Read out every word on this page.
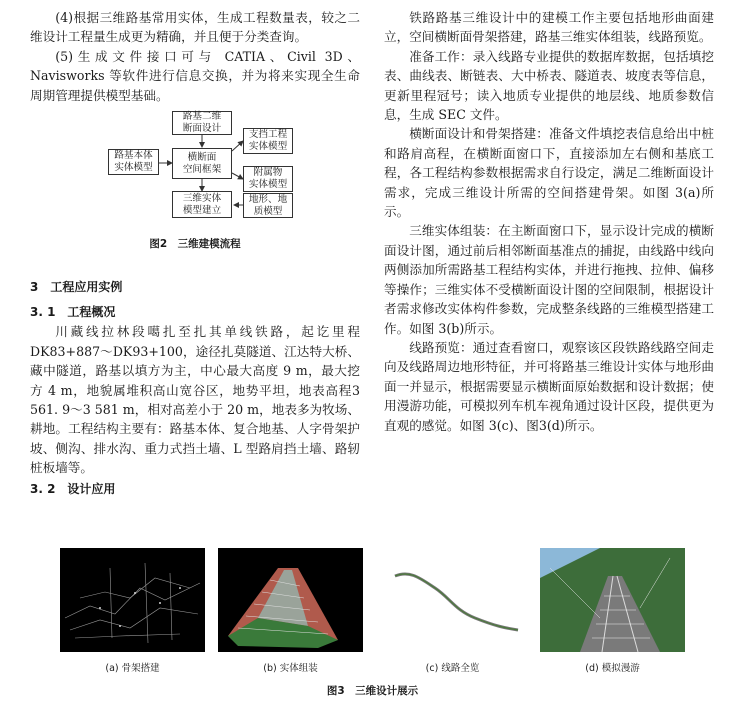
(4)根据三维路基常用实体，生成工程数量表，较之二维设计工程量生成更为精确，并且便于分类查询。

(5)生成文件接口可与 CATIA、Civil 3D、Navisworks 等软件进行信息交换，并为将来实现全生命周期管理提供模型基础。

路基二维
断面设计
路基本体
实体模型
横断面
空间框架
支挡工程
实体模型
附属物
实体模型
三维实体
模型建立
地形、地
质模型

图2　三维建模流程

3　工程应用实例

3. 1　工程概况

川藏线拉林段噶扎至扎其单线铁路，起讫里程DK83+887～DK93+100，途径扎莫隧道、江达特大桥、藏中隧道，路基以填方为主，中心最大高度 9 m，最大挖方 4 m，地貌属堆积高山宽谷区，地势平坦，地表高程3 561. 9～3 581 m，相对高差小于 20 m，地表多为牧场、耕地。工程结构主要有：路基本体、复合地基、人字骨架护坡、侧沟、排水沟、重力式挡土墙、L 型路肩挡土墙、路轫桩板墙等。

3. 2　设计应用

铁路路基三维设计中的建模工作主要包括地形曲面建立，空间横断面骨架搭建，路基三维实体组装，线路预览。

准备工作：录入线路专业提供的数据库数据，包括填挖表、曲线表、断链表、大中桥表、隧道表、坡度表等信息，更新里程冠号；读入地质专业提供的地层线、地质参数信息，生成 SEC 文件。

横断面设计和骨架搭建：准备文件填挖表信息给出中桩和路肩高程，在横断面窗口下，直接添加左右侧和基底工程，各工程结构参数根据需求自行设定，满足二维断面设计需求，完成三维设计所需的空间搭建骨架。如图 3(a)所示。

三维实体组装：在主断面窗口下，显示设计完成的横断面设计图，通过前后相邻断面基准点的捕捉，由线路中线向两侧添加所需路基工程结构实体，并进行拖拽、拉伸、偏移等操作；三维实体不受横断面设计图的空间限制，根据设计者需求修改实体构件参数，完成整条线路的三维模型搭建工作。如图 3(b)所示。

线路预览：通过查看窗口，观察该区段铁路线路空间走向及线路周边地形特征，并可将路基三维设计实体与地形曲面一并显示，根据需要显示横断面原始数据和设计数据；使用漫游功能，可模拟列车机车视角通过设计区段，提供更为直观的感觉。如图 3(c)、图3(d)所示。

(a) 骨架搭建	(b) 实体组装	(c) 线路全览	(d) 模拟漫游

图3　三维设计展示
